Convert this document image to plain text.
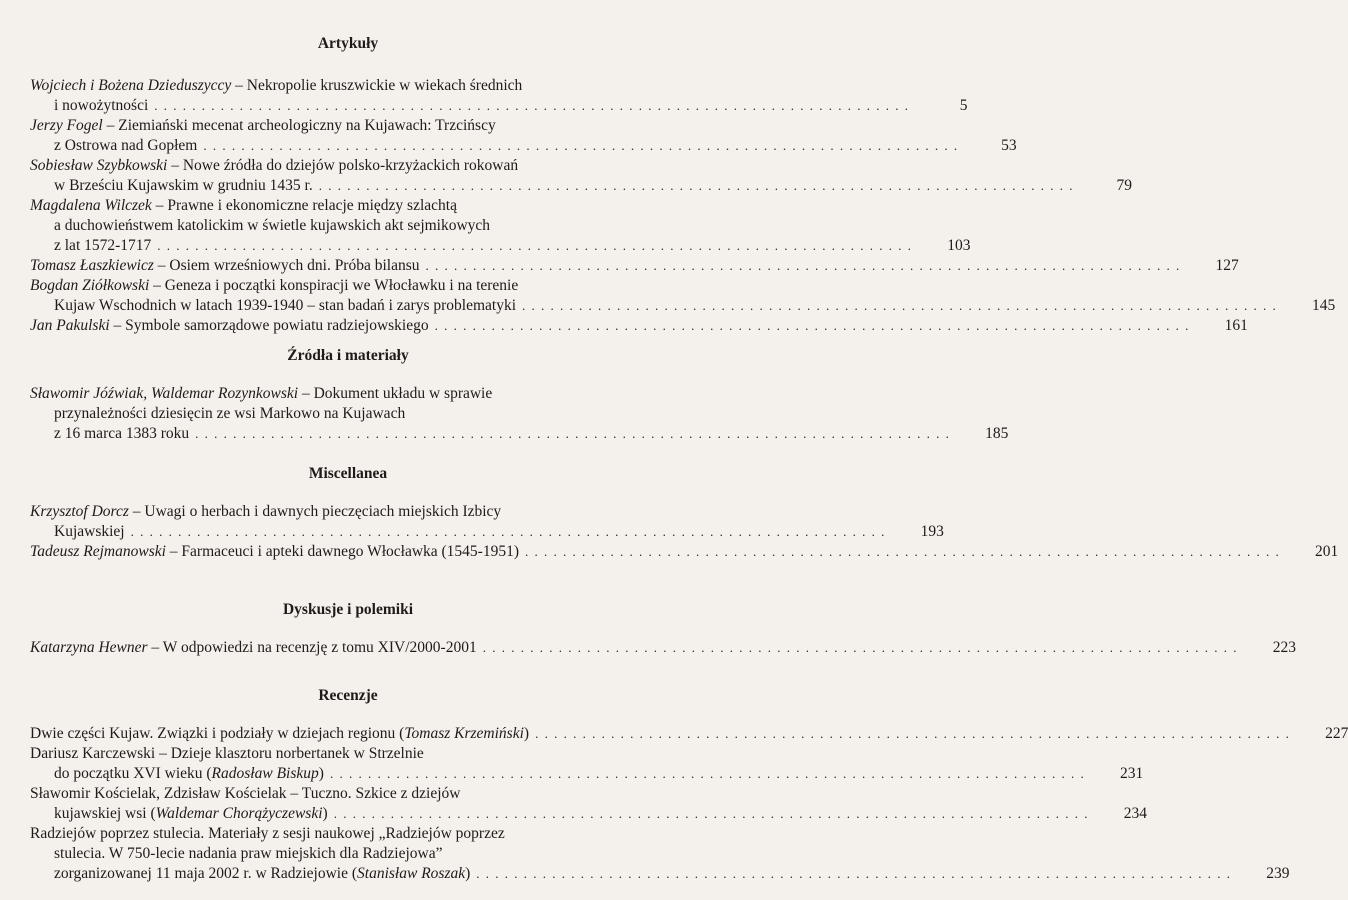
Artykuły
Wojciech i Bożena Dzieduszyccy – Nekropolie kruszwickie w wiekach średnich
i nowożytności . . . . . . . . . . . . . . . . . . . . . . . . . . . . . . . . . . . . . . . . . . . . . . . . . . . . . . . . . . . . . . . . . . . . . . . . . . . . . . . .	5
Jerzy Fogel – Ziemiański mecenat archeologiczny na Kujawach: Trzcińscy
z Ostrowa nad Gopłem . . . . . . . . . . . . . . . . . . . . . . . . . . . . . . . . . . . . . . . . . . . . . . . . . . . . . . . . . . . . . . . . . . . . . . . . . . . . . . . .	53
Sobiesław Szybkowski – Nowe źródła do dziejów polsko-krzyżackich rokowań
w Brześciu Kujawskim w grudniu 1435 r. . . . . . . . . . . . . . . . . . . . . . . . . . . . . . . . . . . . . . . . . . . . . . . . . . . . . . . . . . . . . . . . . . . . . . . . . . . . . . . . .	79
Magdalena Wilczek – Prawne i ekonomiczne relacje między szlachtą
a duchowieństwem katolickim w świetle kujawskich akt sejmikowych
z lat 1572-1717 . . . . . . . . . . . . . . . . . . . . . . . . . . . . . . . . . . . . . . . . . . . . . . . . . . . . . . . . . . . . . . . . . . . . . . . . . . . . . . . .	103
Tomasz Łaszkiewicz – Osiem wrześniowych dni. Próba bilansu . . . . . . . . . . . . . . . . . . . . . . . . . . . . . . . . . . . . . . . . . . . . . . . . . . . . . . . . . . . . . . . . . . . . . . . . . . . . . . . .	127
Bogdan Ziółkowski – Geneza i początki konspiracji we Włocławku i na terenie
Kujaw Wschodnich w latach 1939-1940 – stan badań i zarys problematyki . . . . . . . . . . . . . . . . . . . . . . . . . . . . . . . . . . . . . . . . . . . . . . . . . . . . . . . . . . . . . . . . . . . . . . . . . . . . . . . .	145
Jan Pakulski – Symbole samorządowe powiatu radziejowskiego . . . . . . . . . . . . . . . . . . . . . . . . . . . . . . . . . . . . . . . . . . . . . . . . . . . . . . . . . . . . . . . . . . . . . . . . . . . . . . . .	161
Źródła i materiały
Sławomir Jóźwiak, Waldemar Rozynkowski – Dokument układu w sprawie
przynależności dziesięcin ze wsi Markowo na Kujawach
z 16 marca 1383 roku . . . . . . . . . . . . . . . . . . . . . . . . . . . . . . . . . . . . . . . . . . . . . . . . . . . . . . . . . . . . . . . . . . . . . . . . . . . . . . . .	185
Miscellanea
Krzysztof Dorcz – Uwagi o herbach i dawnych pieczęciach miejskich Izbicy
Kujawskiej . . . . . . . . . . . . . . . . . . . . . . . . . . . . . . . . . . . . . . . . . . . . . . . . . . . . . . . . . . . . . . . . . . . . . . . . . . . . . . . .	193
Tadeusz Rejmanowski – Farmaceuci i apteki dawnego Włocławka (1545-1951) . . . . . . . . . . . . . . . . . . . . . . . . . . . . . . . . . . . . . . . . . . . . . . . . . . . . . . . . . . . . . . . . . . . . . . . . . . . . . . . .	201
Dyskusje i polemiki
Katarzyna Hewner – W odpowiedzi na recenzję z tomu XIV/2000-2001 . . . . . . . . . . . . . . . . . . . . . . . . . . . . . . . . . . . . . . . . . . . . . . . . . . . . . . . . . . . . . . . . . . . . . . . . . . . . . . . .	223
Recenzje
Dwie części Kujaw. Związki i podziały w dziejach regionu (Tomasz Krzemiński) . . . . . . . . . . . . . . . . . . . . . . . . . . . . . . . . . . . . . . . . . . . . . . . . . . . . . . . . . . . . . . . . . . . . . . . . . . . . . . . .	227
Dariusz Karczewski – Dzieje klasztoru norbertanek w Strzelnie
do początku XVI wieku (Radosław Biskup) . . . . . . . . . . . . . . . . . . . . . . . . . . . . . . . . . . . . . . . . . . . . . . . . . . . . . . . . . . . . . . . . . . . . . . . . . . . . . . . .	231
Sławomir Kościelak, Zdzisław Kościelak – Tuczno. Szkice z dziejów
kujawskiej wsi (Waldemar Chorążyczewski) . . . . . . . . . . . . . . . . . . . . . . . . . . . . . . . . . . . . . . . . . . . . . . . . . . . . . . . . . . . . . . . . . . . . . . . . . . . . . . . .	234
Radziejów poprzez stulecia. Materiały z sesji naukowej „Radziejów poprzez
stulecia. W 750-lecie nadania praw miejskich dla Radziejowa”
zorganizowanej 11 maja 2002 r. w Radziejowie (Stanisław Roszak) . . . . . . . . . . . . . . . . . . . . . . . . . . . . . . . . . . . . . . . . . . . . . . . . . . . . . . . . . . . . . . . . . . . . . . . . . . . . . . . .	239
